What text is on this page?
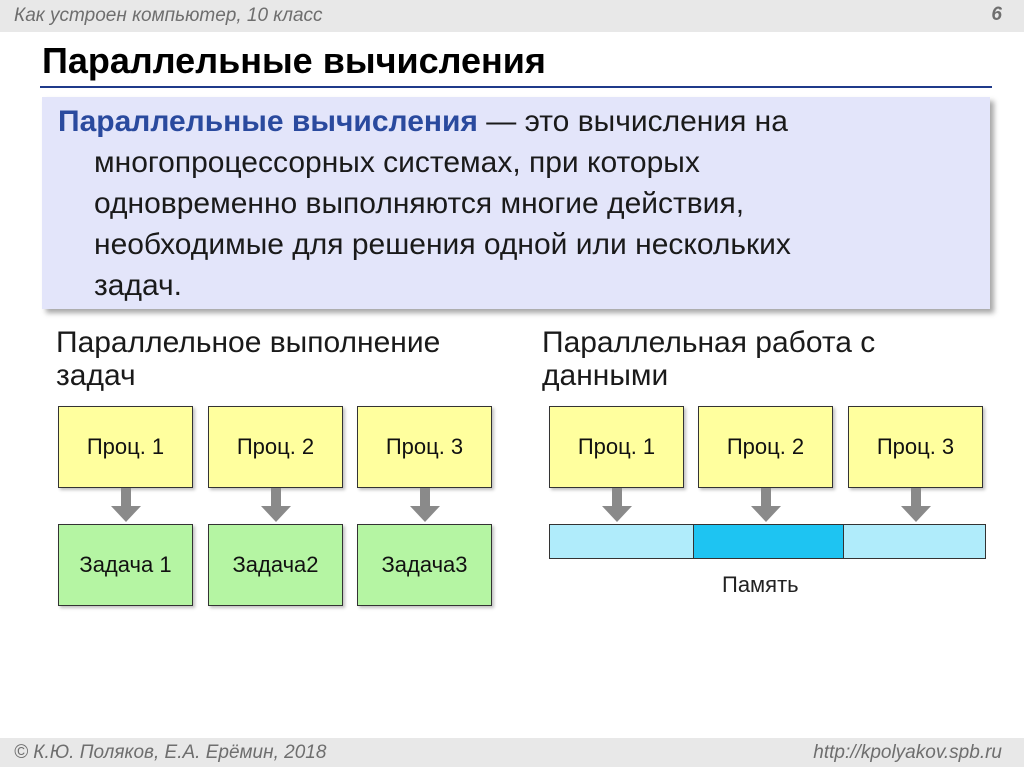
Как устроен компьютер, 10 класс	6
Параллельные вычисления
Параллельные вычисления — это вычисления на
многопроцессорных системах, при которых
одновременно выполняются многие действия,
необходимые для решения одной или нескольких
задач.
Параллельное выполнение
задач
Проц. 1	Проц. 2	Проц. 3
Задача 1	Задача2	Задача3
Параллельная работа с
данными
Проц. 1	Проц. 2	Проц. 3
Память
© К.Ю. Поляков, Е.А. Ерёмин, 2018	http://kpolyakov.spb.ru
